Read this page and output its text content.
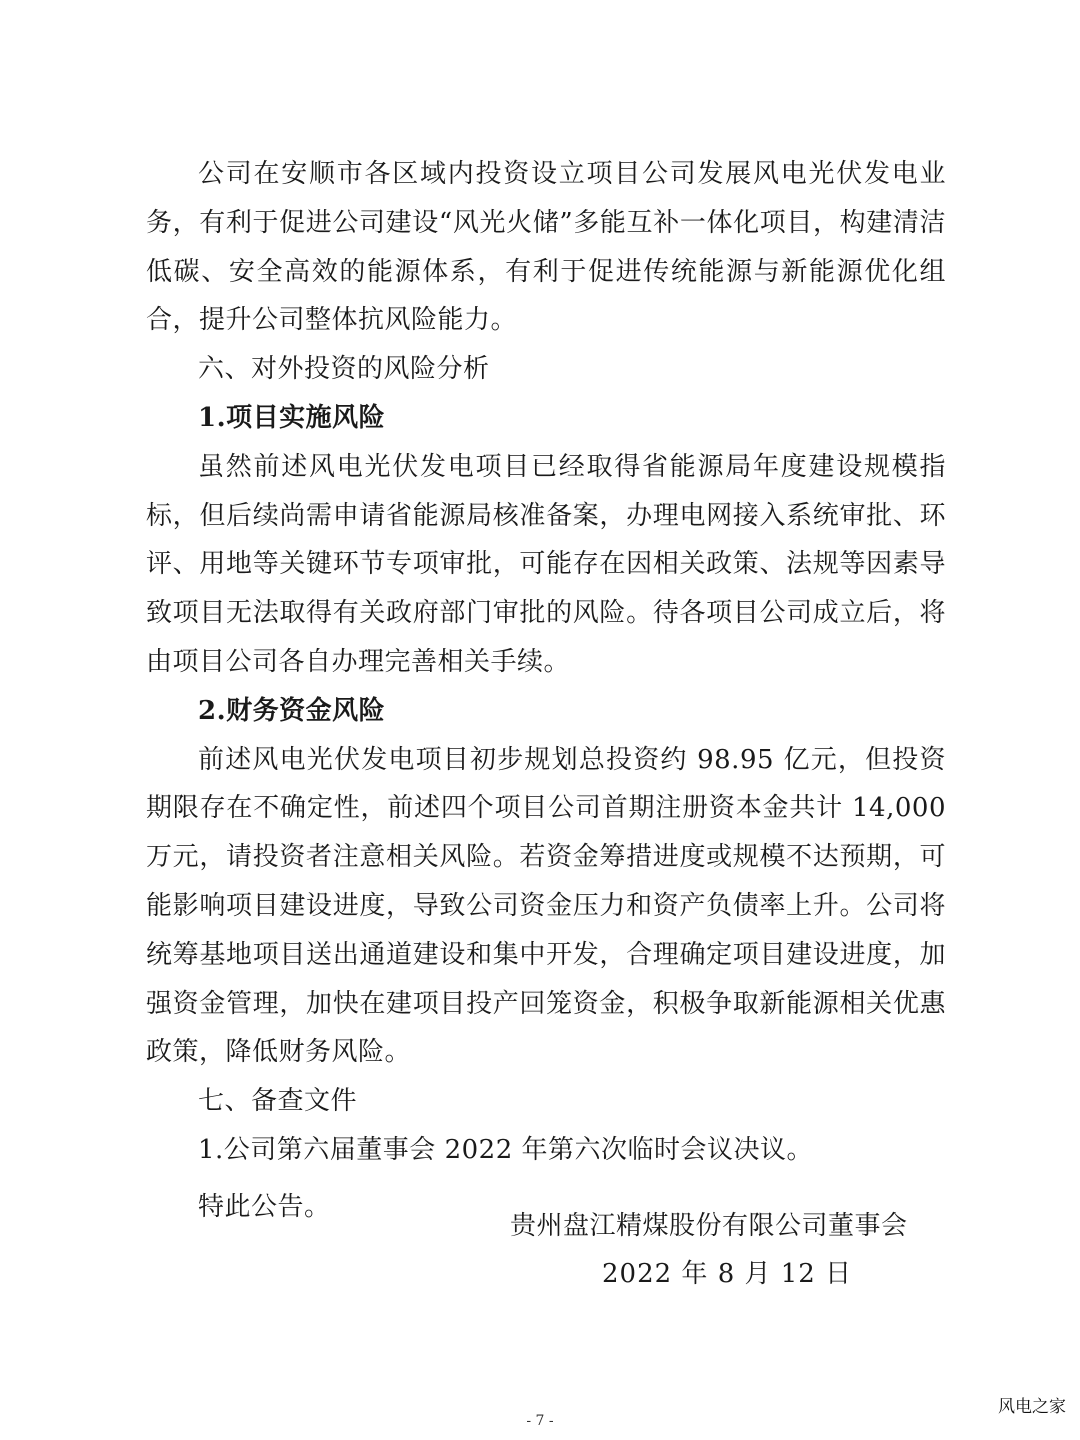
公司在安顺市各区域内投资设立项目公司发展风电光伏发电业务，有利于促进公司建设“风光火储”多能互补一体化项目，构建清洁低碳、安全高效的能源体系，有利于促进传统能源与新能源优化组合，提升公司整体抗风险能力。

六、对外投资的风险分析

1.项目实施风险

虽然前述风电光伏发电项目已经取得省能源局年度建设规模指标，但后续尚需申请省能源局核准备案，办理电网接入系统审批、环评、用地等关键环节专项审批，可能存在因相关政策、法规等因素导致项目无法取得有关政府部门审批的风险。待各项目公司成立后，将由项目公司各自办理完善相关手续。

2.财务资金风险

前述风电光伏发电项目初步规划总投资约 98.95 亿元，但投资期限存在不确定性，前述四个项目公司首期注册资本金共计 14,000 万元，请投资者注意相关风险。若资金筹措进度或规模不达预期，可能影响项目建设进度，导致公司资金压力和资产负债率上升。公司将统筹基地项目送出通道建设和集中开发，合理确定项目建设进度，加强资金管理，加快在建项目投产回笼资金，积极争取新能源相关优惠政策，降低财务风险。

七、备查文件

1.公司第六届董事会 2022 年第六次临时会议决议。

特此公告。

贵州盘江精煤股份有限公司董事会
2022 年 8 月 12 日
- 7 -
风电之家
